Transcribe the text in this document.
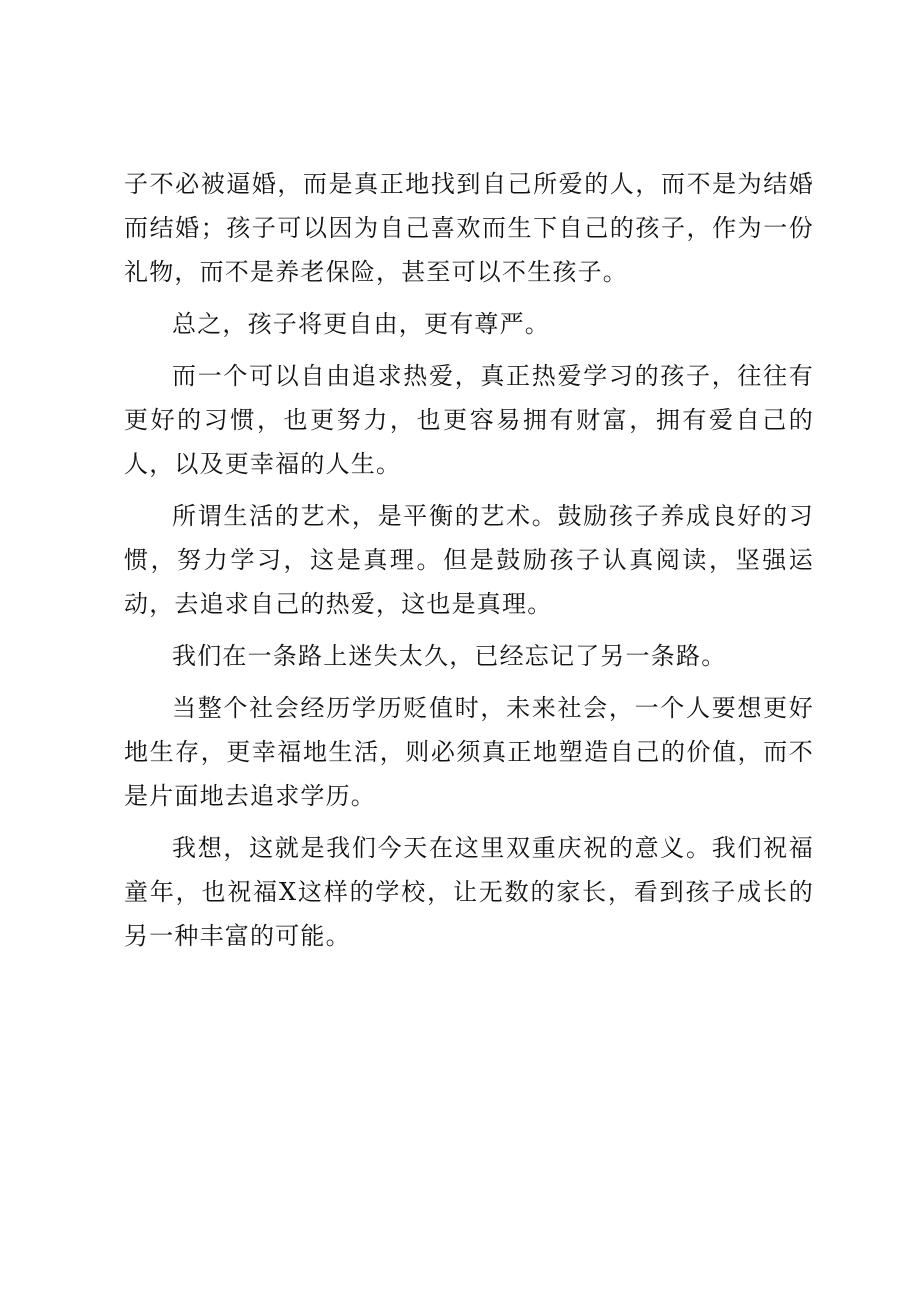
子不必被逼婚，而是真正地找到自己所爱的人，而不是为结婚而结婚；孩子可以因为自己喜欢而生下自己的孩子，作为一份礼物，而不是养老保险，甚至可以不生孩子。

总之，孩子将更自由，更有尊严。

而一个可以自由追求热爱，真正热爱学习的孩子，往往有更好的习惯，也更努力，也更容易拥有财富，拥有爱自己的人，以及更幸福的人生。

所谓生活的艺术，是平衡的艺术。鼓励孩子养成良好的习惯，努力学习，这是真理。但是鼓励孩子认真阅读，坚强运动，去追求自己的热爱，这也是真理。

我们在一条路上迷失太久，已经忘记了另一条路。

当整个社会经历学历贬值时，未来社会，一个人要想更好地生存，更幸福地生活，则必须真正地塑造自己的价值，而不是片面地去追求学历。

我想，这就是我们今天在这里双重庆祝的意义。我们祝福童年，也祝福X这样的学校，让无数的家长，看到孩子成长的另一种丰富的可能。
